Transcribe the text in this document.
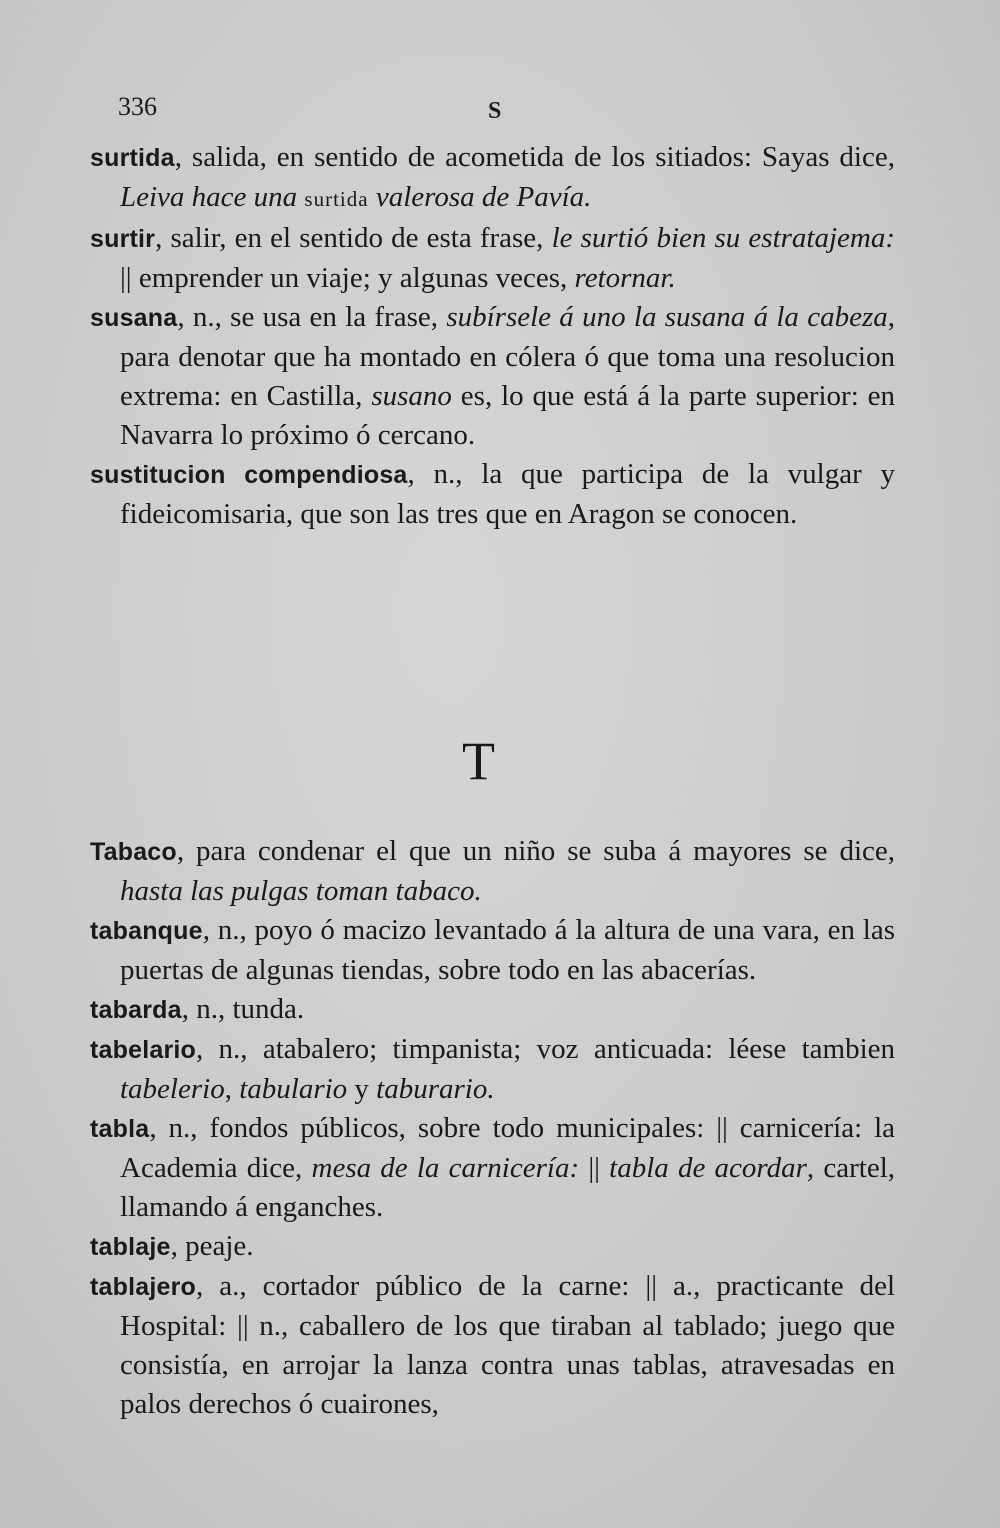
336	S

surtida, salida, en sentido de acometida de los sitiados: Sayas dice, Leiva hace una surtida valerosa de Pavía.

surtir, salir, en el sentido de esta frase, le surtió bien su estratajema: || emprender un viaje; y algunas veces, retornar.

susana, n., se usa en la frase, subírsele á uno la susana á la cabeza, para denotar que ha montado en cólera ó que toma una resolucion extrema: en Castilla, susano es, lo que está á la parte superior: en Navarra lo próximo ó cercano.

sustitucion compendiosa, n., la que participa de la vulgar y fideicomisaria, que son las tres que en Aragon se conocen.

T

Tabaco, para condenar el que un niño se suba á mayores se dice, hasta las pulgas toman tabaco.

tabanque, n., poyo ó macizo levantado á la altura de una vara, en las puertas de algunas tiendas, sobre todo en las abacerías.

tabarda, n., tunda.

tabelario, n., atabalero; timpanista; voz anticuada: léese tambien tabelerio, tabulario y taburario.

tabla, n., fondos públicos, sobre todo municipales: || carnicería: la Academia dice, mesa de la carnicería: || tabla de acordar, cartel, llamando á enganches.

tablaje, peaje.

tablajero, a., cortador público de la carne: || a., practicante del Hospital: || n., caballero de los que tiraban al tablado; juego que consistía, en arrojar la lanza contra unas tablas, atravesadas en palos derechos ó cuairones,
